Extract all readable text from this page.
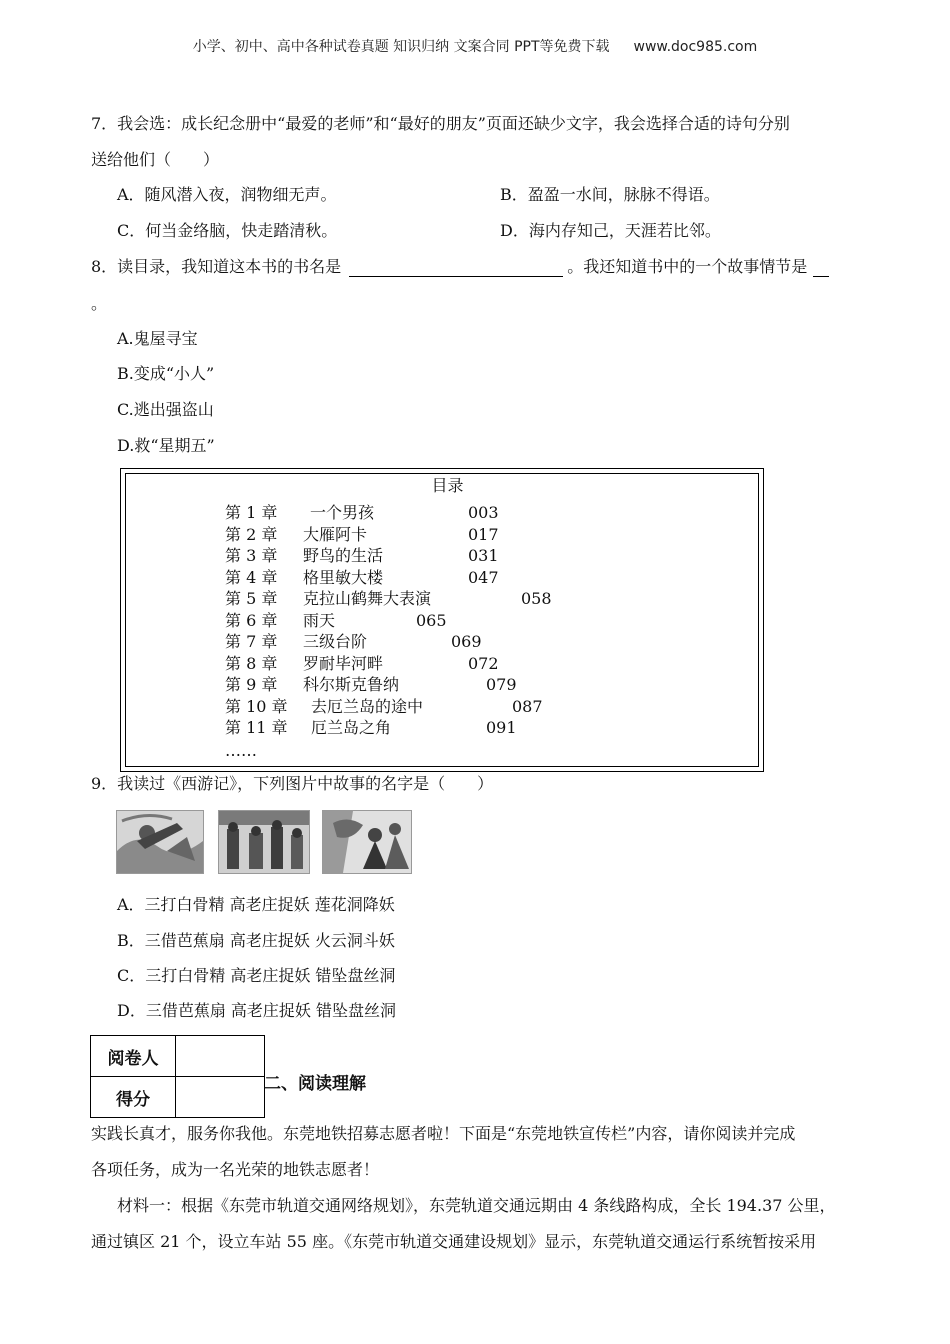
小学、初中、高中各种试卷真题 知识归纳 文案合同 PPT等免费下载 www.doc985.com
7．我会选：成长纪念册中“最爱的老师”和“最好的朋友”页面还缺少文字，我会选择合适的诗句分别
送给他们（　　）
A．随风潜入夜，润物细无声。	B．盈盈一水间，脉脉不得语。
C．何当金络脑，快走踏清秋。	D．海内存知己，天涯若比邻。
8．读目录，我知道这本书的书名是	。我还知道书中的一个故事情节是
。
A.鬼屋寻宝
B.变成“小人”
C.逃出强盗山
D.救“星期五”
目录
第 1 章 一个男孩	003
第 2 章 大雁阿卡	017
第 3 章 野鸟的生活	031
第 4 章 格里敏大楼	047
第 5 章 克拉山鹤舞大表演	058
第 6 章 雨天	065
第 7 章 三级台阶	069
第 8 章 罗耐毕河畔	072
第 9 章 科尔斯克鲁纳	079
第 10 章 去厄兰岛的途中	087
第 11 章 厄兰岛之角	091
……
9．我读过《西游记》，下列图片中故事的名字是（　　）
A．三打白骨精 高老庄捉妖 莲花洞降妖
B．三借芭蕉扇 高老庄捉妖 火云洞斗妖
C．三打白骨精 高老庄捉妖 错坠盘丝洞
D．三借芭蕉扇 高老庄捉妖 错坠盘丝洞
阅卷人	
得分	
二、阅读理解
实践长真才，服务你我他。东莞地铁招募志愿者啦！下面是“东莞地铁宣传栏”内容，请你阅读并完成
各项任务，成为一名光荣的地铁志愿者！
材料一：根据《东莞市轨道交通网络规划》，东莞轨道交通远期由 4 条线路构成，全长 194.37 公里，
通过镇区 21 个，设立车站 55 座。《东莞市轨道交通建设规划》显示，东莞轨道交通运行系统暂按采用
